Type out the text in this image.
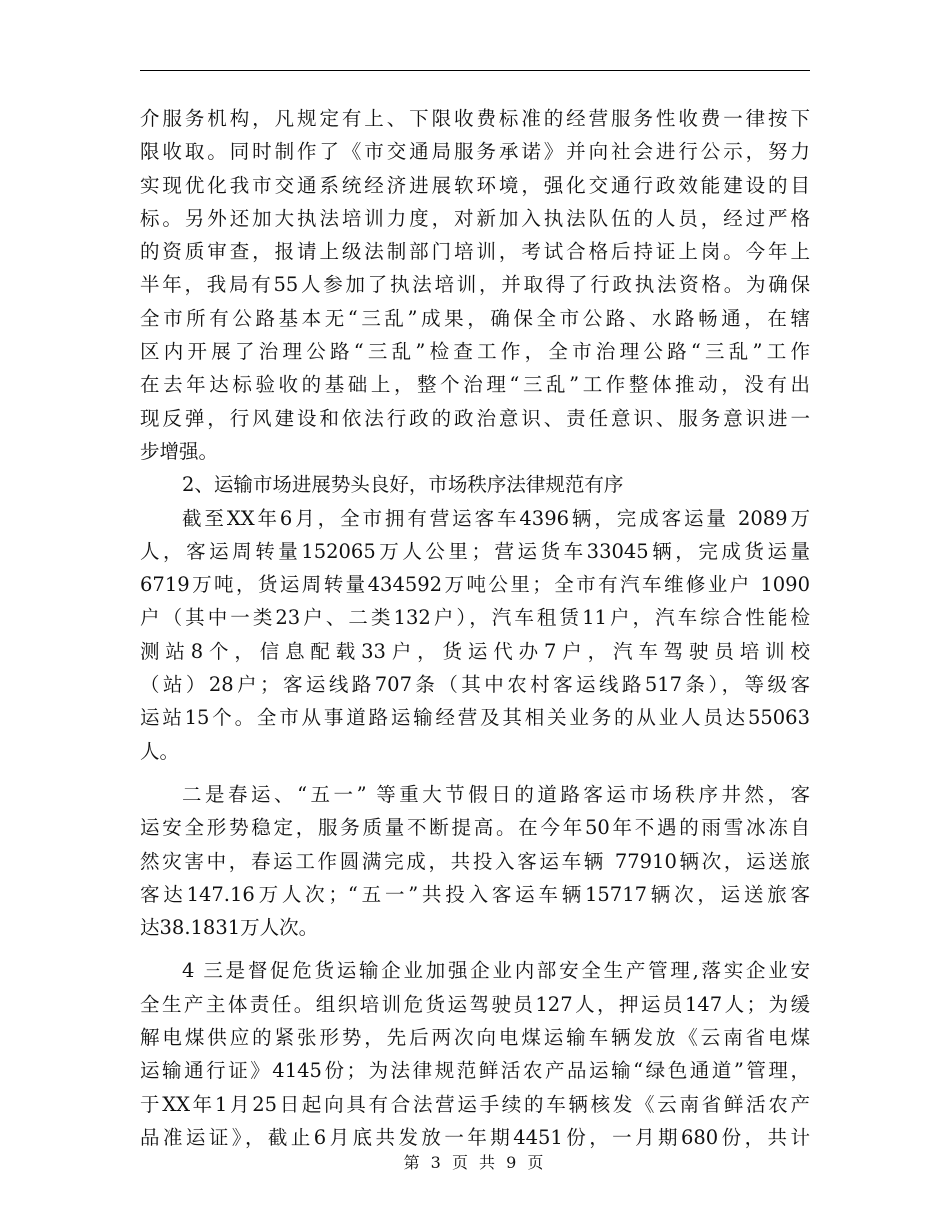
介服务机构，凡规定有上、下限收费标准的经营服务性收费一律按下
限收取。同时制作了《市交通局服务承诺》并向社会进行公示，努力
实现优化我市交通系统经济进展软环境，强化交通行政效能建设的目
标。另外还加大执法培训力度，对新加入执法队伍的人员，经过严格
的资质审查，报请上级法制部门培训，考试合格后持证上岗。今年上
半年，我局有55人参加了执法培训，并取得了行政执法资格。为确保
全市所有公路基本无“三乱”成果，确保全市公路、水路畅通，在辖
区内开展了治理公路“三乱”检查工作，全市治理公路“三乱”工作
在去年达标验收的基础上，整个治理“三乱”工作整体推动，没有出
现反弹，行风建设和依法行政的政治意识、责任意识、服务意识进一
步增强。
2、运输市场进展势头良好，市场秩序法律规范有序
截至XX年6月，全市拥有营运客车4396辆，完成客运量 2089万
人，客运周转量152065万人公里；营运货车33045辆，完成货运量
6719万吨，货运周转量434592万吨公里；全市有汽车维修业户 1090
户（其中一类23户、二类132户），汽车租赁11户，汽车综合性能检
测站8个，信息配载33户，货运代办7户，汽车驾驶员培训校
（站）28户；客运线路707条（其中农村客运线路517条），等级客
运站15个。全市从事道路运输经营及其相关业务的从业人员达55063
人。
二是春运、“五一” 等重大节假日的道路客运市场秩序井然，客
运安全形势稳定，服务质量不断提高。在今年50年不遇的雨雪冰冻自
然灾害中，春运工作圆满完成，共投入客运车辆 77910辆次，运送旅
客达147.16万人次；“五一”共投入客运车辆15717辆次，运送旅客
达38.1831万人次。
4 三是督促危货运输企业加强企业内部安全生产管理,落实企业安
全生产主体责任。组织培训危货运驾驶员127人，押运员147人；为缓
解电煤供应的紧张形势，先后两次向电煤运输车辆发放《云南省电煤
运输通行证》4145份；为法律规范鲜活农产品运输“绿色通道”管理，
于XX年1月25日起向具有合法营运手续的车辆核发《云南省鲜活农产
品准运证》，截止6月底共发放一年期4451份，一月期680份，共计
第 3 页 共 9 页
